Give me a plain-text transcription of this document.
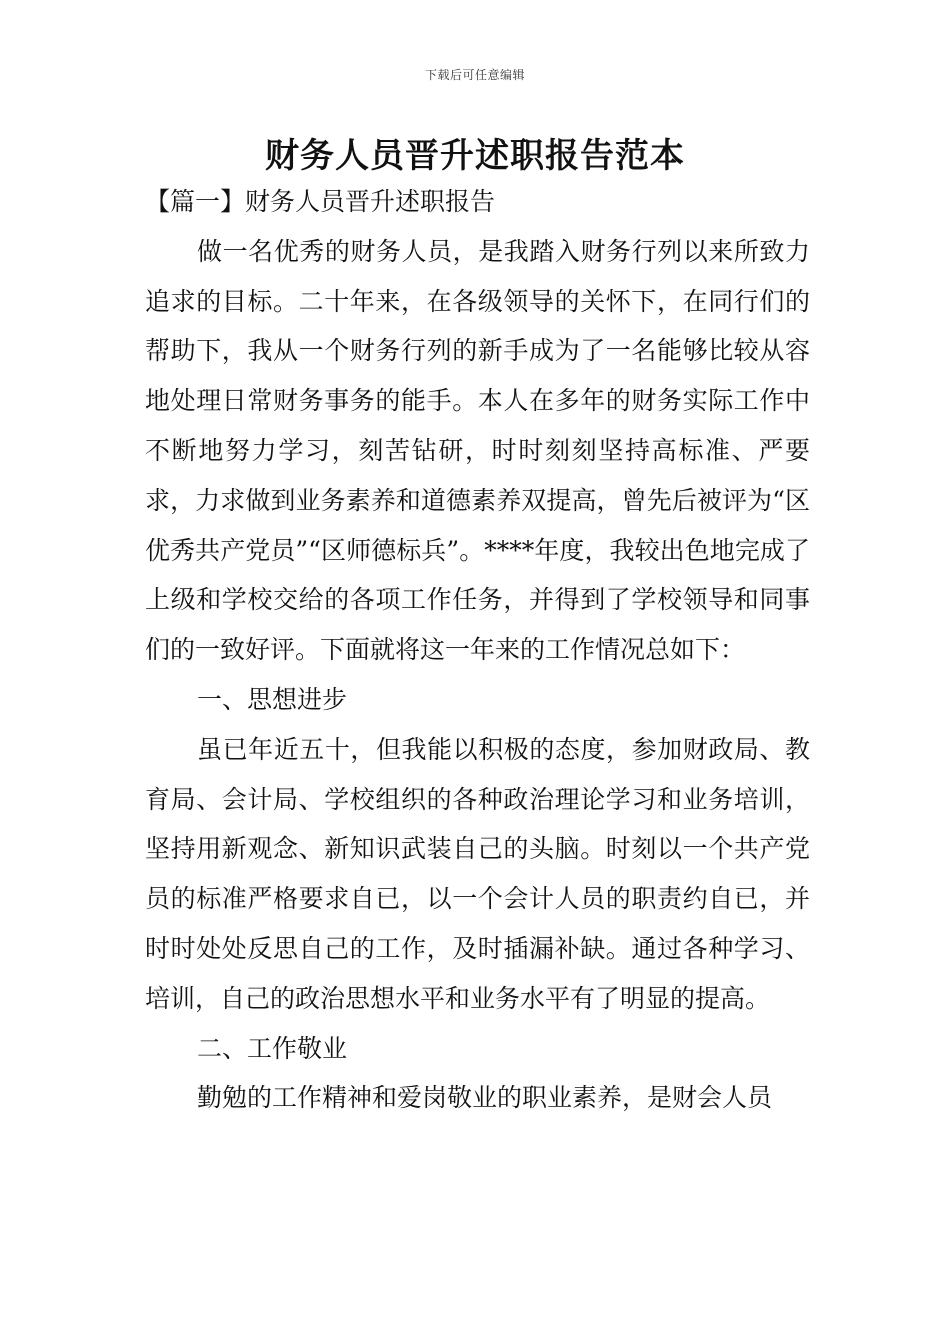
下载后可任意编辑
财务人员晋升述职报告范本

【篇一】财务人员晋升述职报告

做一名优秀的财务人员，是我踏入财务行列以来所致力追求的目标。二十年来，在各级领导的关怀下，在同行们的帮助下，我从一个财务行列的新手成为了一名能够比较从容地处理日常财务事务的能手。本人在多年的财务实际工作中不断地努力学习，刻苦钻研，时时刻刻坚持高标准、严要求，力求做到业务素养和道德素养双提高，曾先后被评为“区优秀共产党员”“区师德标兵”。****年度，我较出色地完成了上级和学校交给的各项工作任务，并得到了学校领导和同事们的一致好评。下面就将这一年来的工作情况总如下：

一、思想进步

虽已年近五十，但我能以积极的态度，参加财政局、教育局、会计局、学校组织的各种政治理论学习和业务培训，坚持用新观念、新知识武装自己的头脑。时刻以一个共产党员的标准严格要求自已，以一个会计人员的职责约自已，并时时处处反思自己的工作，及时插漏补缺。通过各种学习、培训，自己的政治思想水平和业务水平有了明显的提高。

二、工作敬业

勤勉的工作精神和爱岗敬业的职业素养，是财会人员
